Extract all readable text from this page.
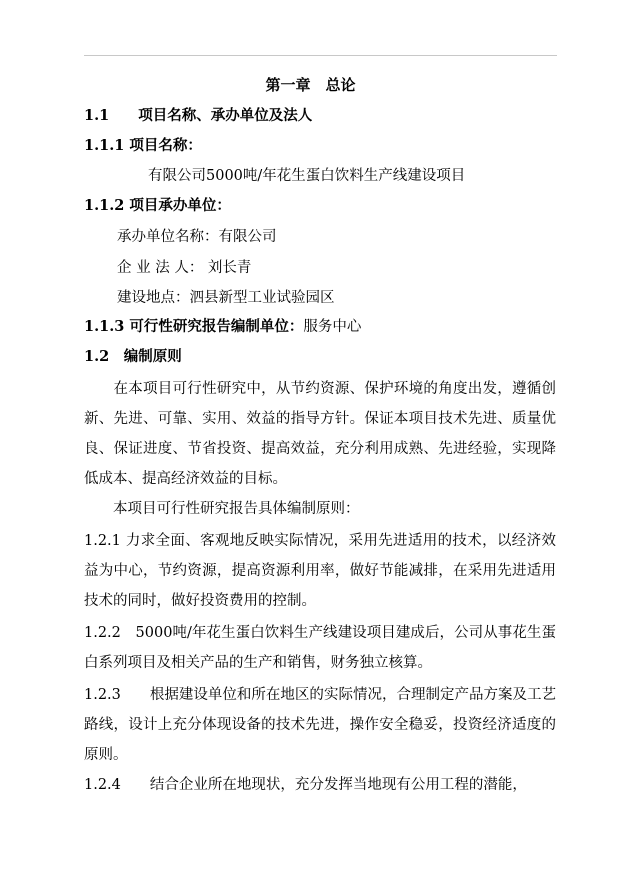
第一章　总论
1.1　　项目名称、承办单位及法人
1.1.1 项目名称：
有限公司5000吨/年花生蛋白饮料生产线建设项目
1.1.2 项目承办单位：
承办单位名称：有限公司
企 业 法 人： 刘长青
建设地点：泗县新型工业试验园区
1.1.3 可行性研究报告编制单位：服务中心
1.2　编制原则

　　在本项目可行性研究中，从节约资源、保护环境的角度出发，遵循创新、先进、可靠、实用、效益的指导方针。保证本项目技术先进、质量优良、保证进度、节省投资、提高效益，充分利用成熟、先进经验，实现降低成本、提高经济效益的目标。

　　本项目可行性研究报告具体编制原则：

1.2.1 力求全面、客观地反映实际情况，采用先进适用的技术，以经济效益为中心，节约资源，提高资源利用率，做好节能减排，在采用先进适用技术的同时，做好投资费用的控制。

1.2.2　5000吨/年花生蛋白饮料生产线建设项目建成后，公司从事花生蛋白系列项目及相关产品的生产和销售，财务独立核算。

1.2.3　　根据建设单位和所在地区的实际情况，合理制定产品方案及工艺路线，设计上充分体现设备的技术先进，操作安全稳妥，投资经济适度的原则。

1.2.4　　结合企业所在地现状，充分发挥当地现有公用工程的潜能，
